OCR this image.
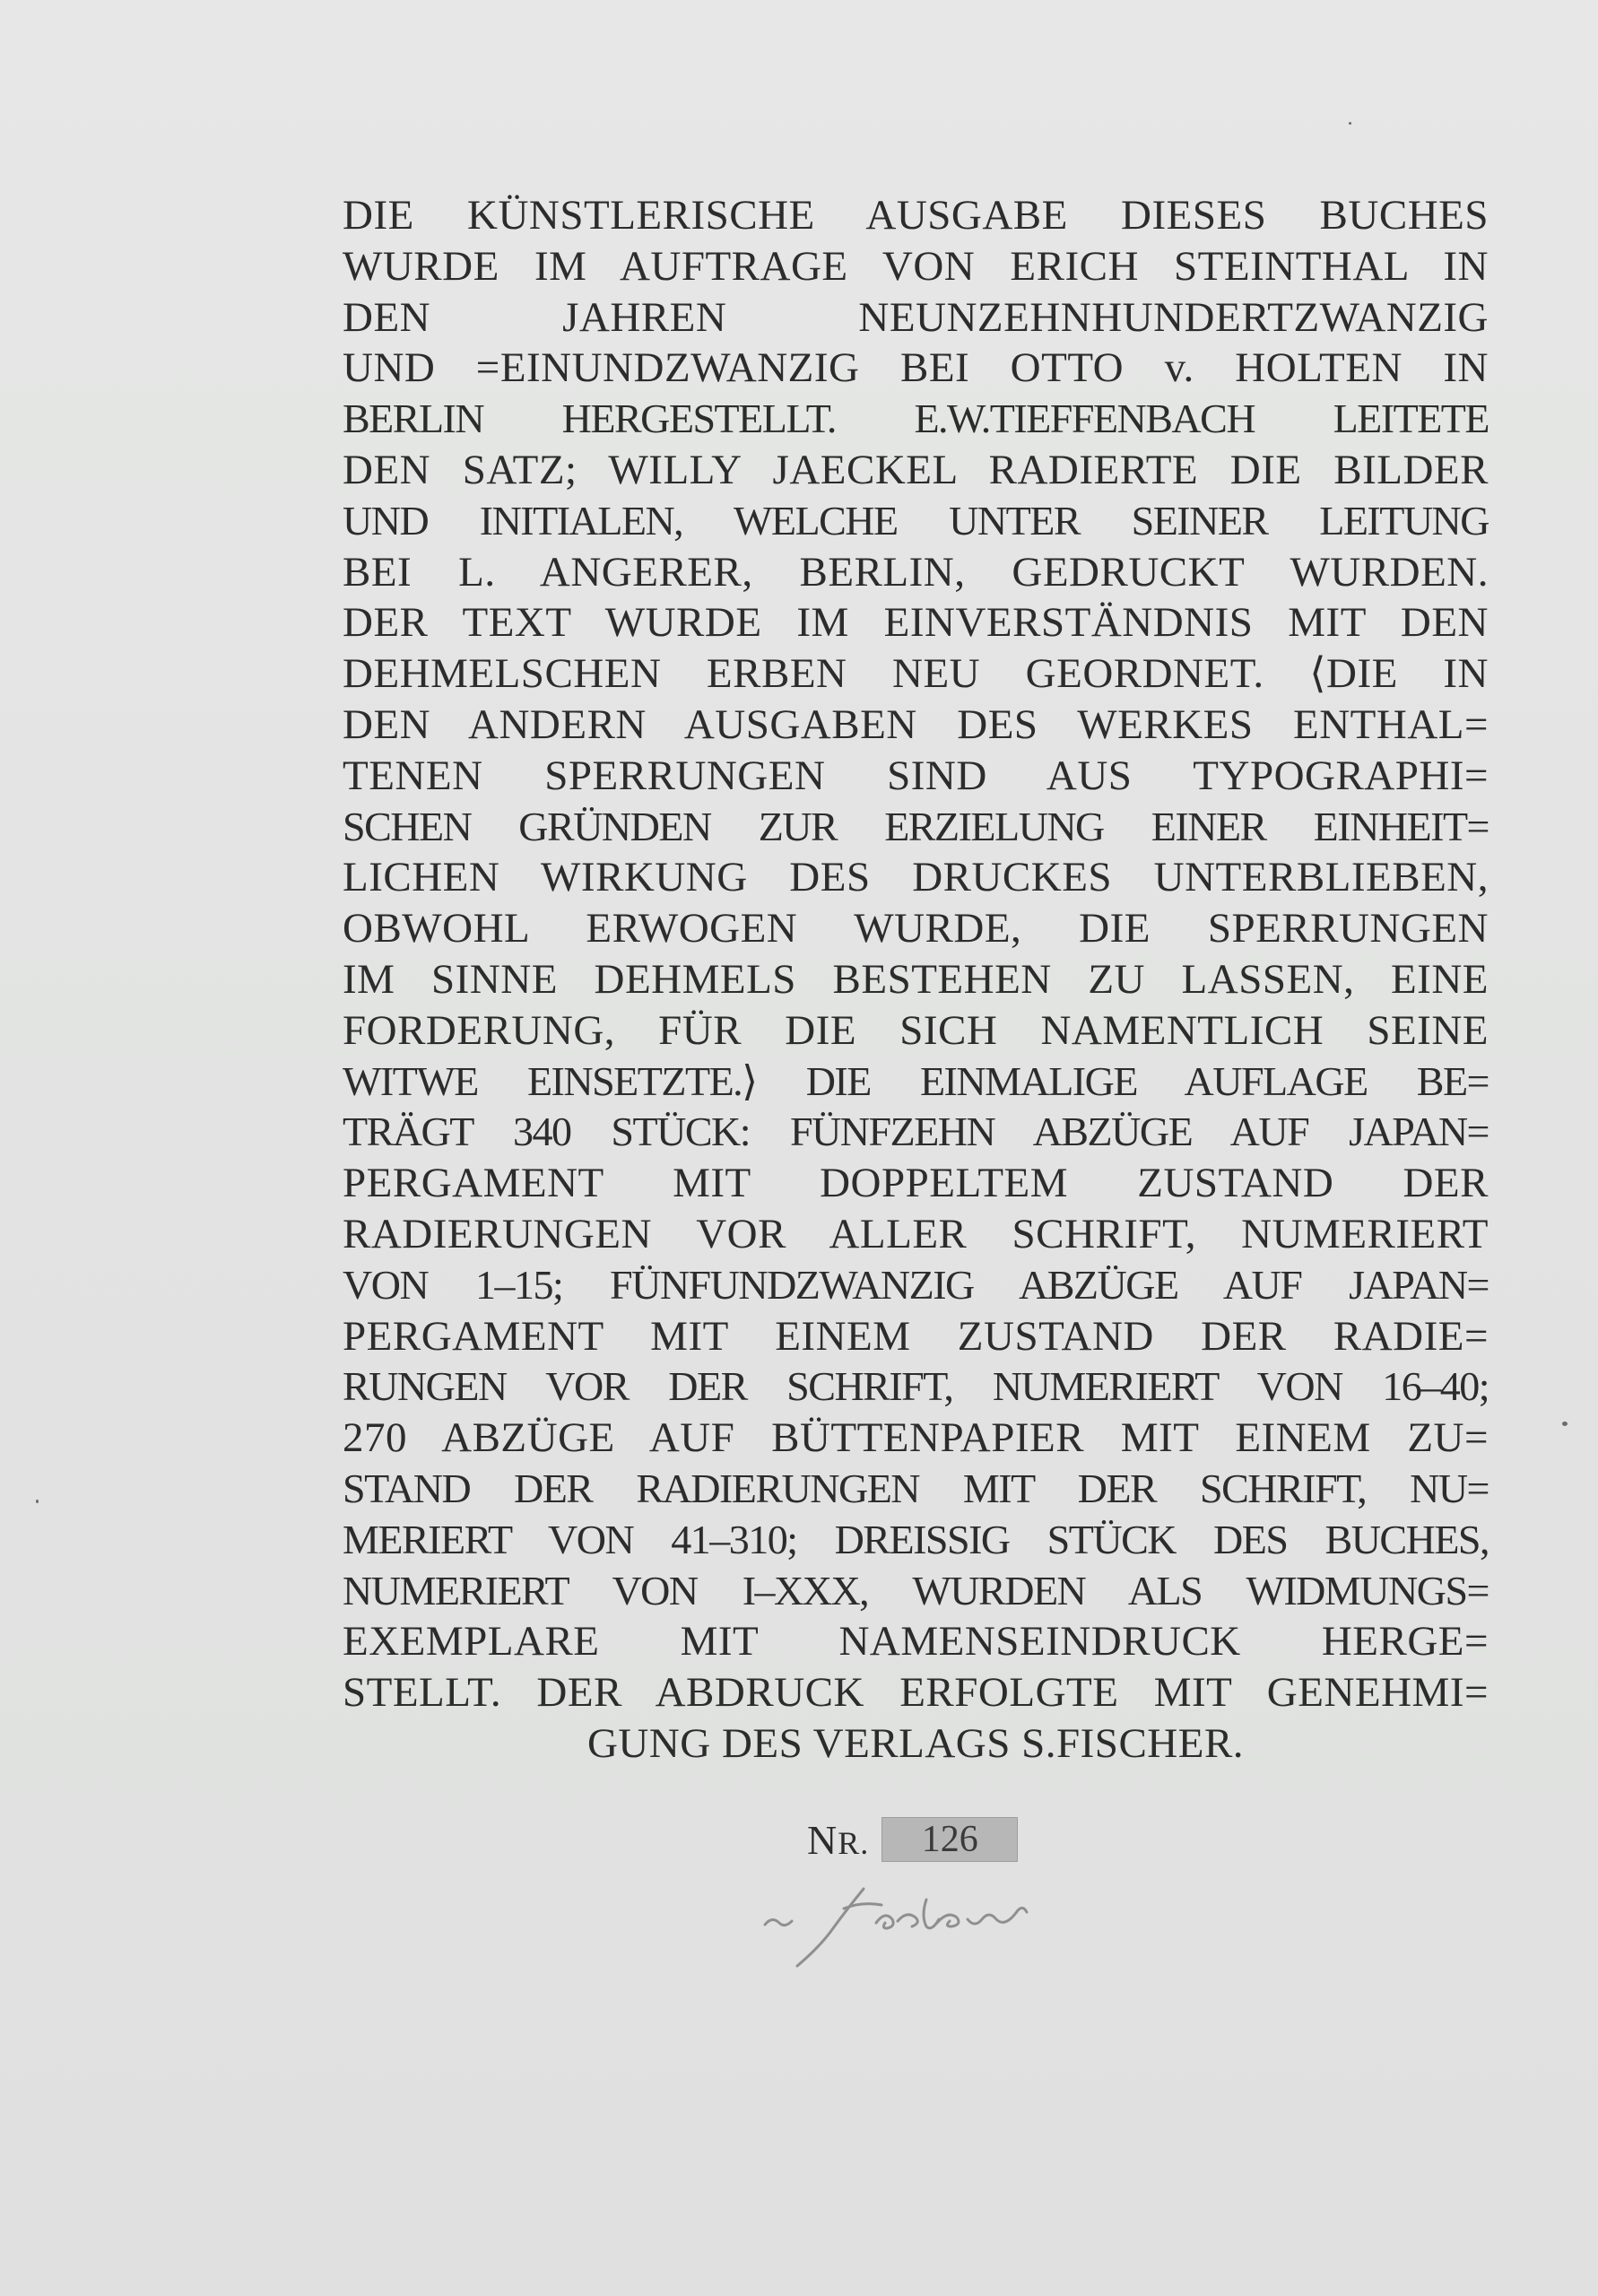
DIE KÜNSTLERISCHE AUSGABE DIESES BUCHES
WURDE IM AUFTRAGE VON ERICH STEINTHAL IN
DEN JAHREN NEUNZEHNHUNDERTZWANZIG
UND =EINUNDZWANZIG BEI OTTO v. HOLTEN IN
BERLIN HERGESTELLT. E.W.TIEFFENBACH LEITETE
DEN SATZ; WILLY JAECKEL RADIERTE DIE BILDER
UND INITIALEN, WELCHE UNTER SEINER LEITUNG
BEI L. ANGERER, BERLIN, GEDRUCKT WURDEN.
DER TEXT WURDE IM EINVERSTÄNDNIS MIT DEN
DEHMELSCHEN ERBEN NEU GEORDNET. ⟨DIE IN
DEN ANDERN AUSGABEN DES WERKES ENTHAL=
TENEN SPERRUNGEN SIND AUS TYPOGRAPHI=
SCHEN GRÜNDEN ZUR ERZIELUNG EINER EINHEIT=
LICHEN WIRKUNG DES DRUCKES UNTERBLIEBEN,
OBWOHL ERWOGEN WURDE, DIE SPERRUNGEN
IM SINNE DEHMELS BESTEHEN ZU LASSEN, EINE
FORDERUNG, FÜR DIE SICH NAMENTLICH SEINE
WITWE EINSETZTE.⟩ DIE EINMALIGE AUFLAGE BE=
TRÄGT 340 STÜCK: FÜNFZEHN ABZÜGE AUF JAPAN=
PERGAMENT MIT DOPPELTEM ZUSTAND DER
RADIERUNGEN VOR ALLER SCHRIFT, NUMERIERT
VON 1–15; FÜNFUNDZWANZIG ABZÜGE AUF JAPAN=
PERGAMENT MIT EINEM ZUSTAND DER RADIE=
RUNGEN VOR DER SCHRIFT, NUMERIERT VON 16–40;
270 ABZÜGE AUF BÜTTENPAPIER MIT EINEM ZU=
STAND DER RADIERUNGEN MIT DER SCHRIFT, NU=
MERIERT VON 41–310; DREISSIG STÜCK DES BUCHES,
NUMERIERT VON I–XXX, WURDEN ALS WIDMUNGS=
EXEMPLARE MIT NAMENSEINDRUCK HERGE=
STELLT. DER ABDRUCK ERFOLGTE MIT GENEHMI=
GUNG DES VERLAGS S.FISCHER.
NR.	126
